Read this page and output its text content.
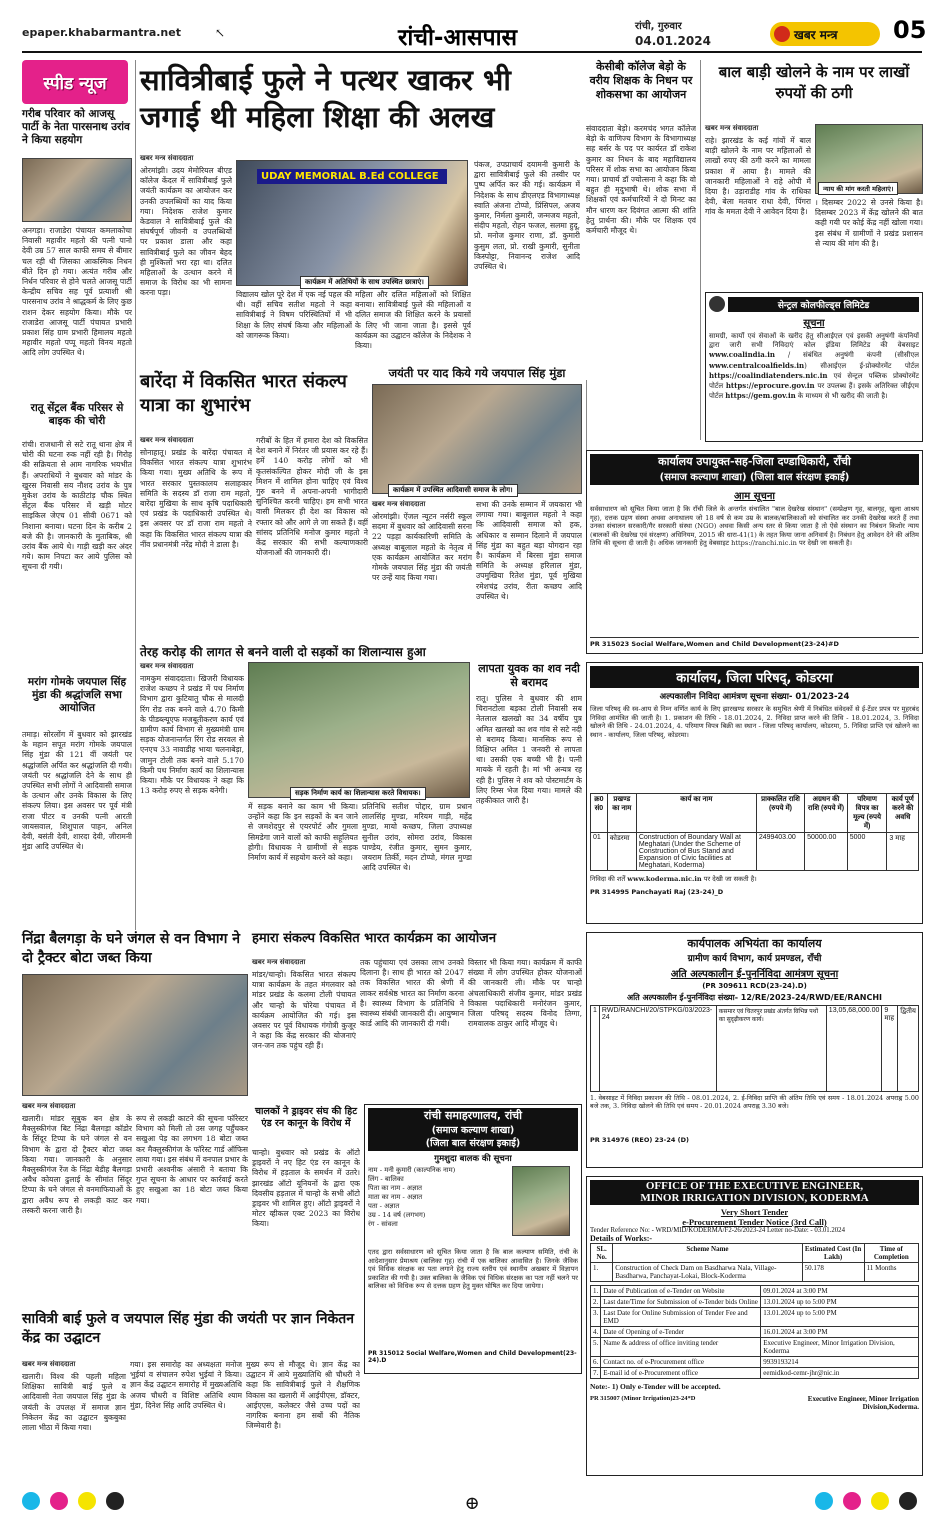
epaper.khabarmantra.net	↖	रांची-आसपास	रांची, गुरुवार
04.01.2024	खबर मन्त्र 05
स्पीड न्यूज
गरीब परिवार को आजसू पार्टी के नेता पारसनाथ उरांव ने किया सहयोग
अनगड़ा। राजाडेरा पंचायत कमलाकोचा निवासी महावीर महतो की पत्नी पानो देवी उम्र 57 साल काफी समय से बीमार चल रही थी जिसका आकस्मिक निधन बीते दिन हो गया। अत्यंत गरीब और निर्धन परिवार से होने चलते आजसू पार्टी केन्द्रीय सचिव सह पूर्व प्रत्याशी श्री पारसनाथ उरांव ने श्राद्धकर्म के लिए कुछ राशन देकर सहयोग किया। मौके पर राजाडेरा आजसू पार्टी पंचायत प्रभारी प्रकाश सिंह ग्राम प्रभारी हिमालय महतो महावीर महतो पप्पू महतो विनय महतो आदि लोग उपस्थित थे।
रातू सेंट्रल बैंक परिसर से बाइक की चोरी
रांची। राजधानी से सटे रातू थाना क्षेत्र में चोरी की घटना रुक नहीं रही है। गिरोह की सक्रियता से आम नागरिक भयभीत हैं। अपराधियों ने बुधवार को मांडर के खुरस निवासी सय नौशद उरांव के पुत्र मुकेश उरांव के काठीटांड़ चौक स्थित सेंट्रल बैंक परिसर में खड़ी मोटर साइकिल जेएच 01 सीवी 0671 को निशाना बनाया। घटना दिन के करीब 2 बजे की है। जानकारी के मुताबिक, श्री उरांव बैंक आये थे। गाड़ी खड़ी कर अंदर गये। काम निपटा कर आये पुलिस को सूचना दी गयी।
मरांग गोमके जयपाल सिंह मुंडा की श्रद्धांजलि सभा आयोजित
तमाड़। सोरलोंग में बुधवार को झारखंड के महान सपूत मरांग गोमके जयपाल सिंह मुंडा की 121 वीं जयंती पर श्रद्धांजलि अर्पित कर श्रद्धांजलि दी गयी। जयंती पर श्रद्धांजलि देने के साथ ही उपस्थित सभी लोगों ने आदिवासी समाज के उत्थान और उनके विकास के लिए संकल्प लिया। इस अवसर पर पूर्व मंत्री राजा पीटर व उनकी पत्नी आरती जायसवाल, शिशुपाल पाहन, अनिल देवी, बसंती देवी, शारदा देवी, जीरामनी मुंडा आदि उपस्थित थे।
सावित्रीबाई फुले ने पत्थर खाकर भी जगाई थी महिला शिक्षा की अलख
खबर मन्त्र संवाददाता
ओरमांझी। उदय मेमोरियल बीएड कॉलेज केंदल में सावित्रीबाई फुले जयंती कार्यक्रम का आयोजन कर उनकी उपलब्धियों का याद किया गया। निदेशक राजेश कुमार केडवाल ने सावित्रीबाई फुले की संघर्षपूर्ण जीवनी व उपलब्धियों पर प्रकाश डाला और कहा सावित्रीबाई फुले का जीवन बेहद ही मुश्किलों भरा रहा था। दलित महिलाओं के उत्थान करने में समाज के विरोध का भी सामना करना पड़ा।
UDAY MEMORIAL B.Ed COLLEGE
कार्यक्रम में अतिथियों के साथ उपस्थित छात्राएं।
विद्यालय खोल पूरे देश में एक नई पहल की थी। वहीं सचिव सतीश महतो ने कहा सावित्रीबाई ने विषम परिस्थितियों में भी शिक्षा के लिए संघर्ष किया और महिलाओं को जागरूक किया।
महिला और दलित महिलाओं को शिक्षित बनाया। सावित्रीबाई फुले की महिलाओं व दलित समाज की शिक्षित करने के प्रयासों के लिए भी जाना जाता है। इससे पूर्व कार्यक्रम का उद्घाटन कॉलेज के निदेशक ने किया।
पंकज, उपप्राचार्य दयामनी कुमारी के द्वारा सावित्रीबाई फुले की तस्वीर पर पुष्प अर्पित कर की गई। कार्यक्रम में निदेशक के साथ डीएलएड विभागाध्यक्ष स्वाति अंजना टोप्पो, प्रिंसिपल, अजय कुमार, निर्मला कुमारी, जन्मजय महतो, संदीप महतो, रोहन फजल, सलमा हुदू, प्रो. मनोज कुमार राणा, डॉ. कुमारी कुसुम लता, प्रो. राखी कुमारी, सुनीता किस्पोट्टा, निवानन्द राजेश आदि उपस्थित थे।
केसीबी कॉलेज बेड़ो के वरीय शिक्षक के निधन पर शोकसभा का आयोजन
संवाददाता बेड़ो। करमचंद भगत कॉलेज बेड़ो के वाणिज्य विभाग के विभागाध्यक्ष सह बर्सर के पद पर कार्यरत डॉ राकेश कुमार का निधन के बाद महाविद्यालय परिसर में शोक सभा का आयोजन किया गया। प्राचार्य डॉ ज्योत्सना ने कहा कि वो बहुत ही मृदुभाषी थे। शोक सभा में शिक्षकों एवं कर्मचारियों ने दो मिनट का मौन धारण कर दिवंगत आत्मा की शांति हेतु प्रार्थना की। मौके पर शिक्षक एवं कर्मचारी मौजूद थे।
बाल बाड़ी खोलने के नाम पर लाखों रुपयों की ठगी
खबर मन्त्र संवाददाता
राहे। झारखंड के कई गांवों में बाल बाड़ी खोलने के नाम पर महिलाओं से लाखों रुपए की ठगी करने का मामला प्रकाश में आया है। मामले की जानकारी महिलाओं ने राहे ओपी में दिया है। उड़ाराडीह गांव के राधिका देवी, बेला मतवार राधा देवी, पिंगरा गांव के ममता देवी ने आवेदन दिया है।
न्याय की मांग करती महिलाएं।
। दिसम्बर 2022 से उनसे किया है। दिसम्बर 2023 में केंद्र खोलने की बात कही गयी पर कोई केंद्र नहीं खोला गया। इस संबंध में ग्रामीणों ने प्रखंड प्रशासन से न्याय की मांग की है।
सेन्ट्रल कोलफील्ड्स लिमिटेड
सूचना
सामग्री, कार्यों एवं सेवाओं के खरीद हेतु सीआईएल एवं इसकी अनुषंगी कंपनियों द्वारा जारी सभी निविदाएं कोल इंडिया लिमिटेड की वेबसाइट www.coalindia.in / संबंधित अनुषंगी कंपनी (सीसीएल www.centralcoalfields.in) सीआईएल ई-प्रोक्योरमेंट पोर्टल https://coalindiatenders.nic.in एवं सेन्ट्रल पब्लिक प्रोक्योरमेंट पोर्टल https://eprocure.gov.in पर उपलब्ध हैं। इसके अतिरिक्त जीईएम पोर्टल https://gem.gov.in के माध्यम से भी खरीद की जाती है।
बारेंदा में विकसित भारत संकल्प यात्रा का शुभारंभ
खबर मन्त्र संवाददाता
सोनाहातू। प्रखंड के बारेंदा पंचायत में विकसित भारत संकल्प यात्रा शुभारंभ किया गया। मुख्य अतिथि के रूप में भारत सरकार पुस्तकालय सलाहकार समिति के सदस्य डॉ राजा राम महतो, बारेंदा मुखिया के साथ कृषि पदाधिकारी एवं प्रखंड के पदाधिकारी उपस्थित थे। इस अवसर पर डॉ राजा राम महतो ने कहा कि विकसित भारत संकल्प यात्रा की नींव प्रधानमंत्री नरेंद्र मोदी ने डाला है।
गरीबों के हित में हमारा देश को विकसित देश बनाने में निरंतर जी प्रयास कर रहे हैं। हमें 140 करोड़ लोगों को भी कृतसंकल्पित होकर मोदी जी के इस मिशन में शामिल होना चाहिए एवं विश्व गुरु बनने में अपना-अपनी भागीदारी सुनिश्चित करनी चाहिए। हम सभी भारत वासी मिलकर ही देश का विकास को रफ्तार को और आगे ले जा सकते हैं। वहीं सांसद प्रतिनिधि मनोज कुमार महतो ने केंद्र सरकार की सभी कल्याणकारी योजनाओं की जानकारी दी।
जयंती पर याद किये गये जयपाल सिंह मुंडा
कार्यक्रम में उपस्थित आदिवासी समाज के लोग।
खबर मन्त्र संवाददाता
ओरमांझी। ऐंजल न्यूटन नर्सरी स्कूल सदमा में बुधवार को आदिवासी सरना 22 पड़हा कार्यकारिणी समिति के अध्यक्ष बाबूलाल महतो के नेतृत्व में एक कार्यक्रम आयोजित कर मरांग गोमके जयपाल सिंह मुंडा की जयंती पर उन्हें याद किया गया।
सभा की उनके सम्मान में जयकारा भी लगाया गया। बाबूलाल महतो ने कहा कि आदिवासी समाज को हक, अधिकार व सम्मान दिलाने में जयपाल सिंह मुंडा का बहुत बड़ा योगदान रहा है। कार्यक्रम में बिरसा मुंडा समाज समिति के अध्यक्ष हरिलाल मुंडा, उपमुखिया रितेश मुंडा, पूर्व मुखिया रमेशचंद्र उरांव, रीता कच्छप आदि उपस्थित थे।
कार्यालय उपायुक्त-सह-जिला दण्डाधिकारी, राँची
(समाज कल्याण शाखा) (जिला बाल संरक्षण इकाई)
आम सूचना
सर्वसाधारण को सूचित किया जाता है कि राँची जिले के अन्तर्गत संचालित "बाल देखरेख संस्थान" (सम्प्रेक्षण गृह, बालगृह, खुला आश्रय गृह), दत्तक ग्रहण संस्था अथवा अनाथालय जो 18 वर्ष से कम उम्र के बालक/बालिकाओं को संचालित कर उनकी देखरेख करते हैं तथा उनका संचालन सरकारी/गैर सरकारी संस्था (NGO) अथवा किसी अन्य स्तर से किया जाता है तो ऐसे संस्थान का निबंधन किशोर न्याय (बालकों की देखरेख एवं संरक्षण) अधिनियम, 2015 की धारा-41(1) के तहत किया जाना अनिवार्य है। निबंधन हेतु आवेदन देने की अंतिम तिथि की सूचना दी जाती है। अधिक जानकारी हेतु वेबसाइट https://ranchi.nic.in पर देखी जा सकती है।
PR 315023 Social Welfare,Women and Child Development(23-24)#D
तेरह करोड़ की लागत से बनने वाली दो सड़कों का शिलान्यास हुआ
खबर मन्त्र संवाददाता
नामकुम संवाददाता। खिजरी विधायक राजेश कच्छप ने प्रखंड में पथ निर्माण विभाग द्वारा कुटियातु चौक से मालदी रिंग रोड तक बनने वाले 4.70 किमी के पीडब्ल्यूएफ मजबूतीकरण कार्य एवं ग्रामीण कार्य विभाग से मुख्यमंत्री ग्राम सड़क योजनान्तर्गत रिंग रोड सरवल से एनएच 33 नावाडीह भाया चलनाबेड़ा, जामुन टोली तक बनने वाले 5.170 किमी पथ निर्माण कार्य का शिलान्यास किया। मौके पर विधायक ने कहा कि 13 करोड़ रुपए से सड़क बनेगी।	सड़क निर्माण कार्य का शिलान्यास करते विधायक।
में सड़क बनाने का काम भी किया। उन्होंने कहा कि इन सड़कों के बन जाने से जमशेदपुर से एयरपोर्ट और गुमला सिमडेगा जाने वालों को काफी सहूलियत होगी। विधायक ने ग्रामीणों से सड़क निर्माण कार्य में सहयोग करने को कहा।
प्रतिनिधि सतीश पोद्दार, ग्राम प्रधान लालसिंह मुण्डा, मरियम गाड़ी, महेंद्र मुण्डा, मायो कच्छप, जिला उपाध्यक्ष सुनील उरांव, सोमरा उरांव, विकास पाण्डेय, रंजीत कुमार, सुमन कुमार, जयराम तिर्की, मदन टोप्पो, मंगल मुण्डा आदि उपस्थित थे।
लापता युवक का शव नदी से बरामद
रातू। पुलिस ने बुधवार की शाम चिरानटोला बड़का टोली निवासी सब नेतलाल खलखो का 34 वर्षीय पुत्र अमित खलखो का शव गांव से सटे नदी से बरामद किया। मानसिक रूप से विक्षिप्त अमित 1 जनवरी से लापता था। उसकी एक बच्ची भी है। पत्नी मायके में रहती है। मां भी अन्यत्र रह रही है। पुलिस ने शव को पोस्टमार्टम के लिए रिम्स भेज दिया गया। मामले की तहकीकात जारी है।
कार्यालय, जिला परिषद्, कोडरमा
अल्पकालीन निविदा आमंत्रण सूचना संख्या- 01/2023-24
जिला परिषद् की स्व-आय से निम्न वर्णित कार्य के लिए झारखण्ड सरकार के समुचित श्रेणी में निबंधित संवेदकों से ई-टेंडर प्रपत्र पर मुहरबंद निविदा आमंत्रित की जाती है। 1. प्रकाशन की तिथि - 18.01.2024, 2. निविदा प्राप्त करने की तिथि - 18.01.2024, 3. निविदा खोलने की तिथि - 24.01.2024, 4. परिमाण विपत्र बिक्री का स्थान - जिला परिषद् कार्यालय, कोडरमा, 5. निविदा प्राप्ति एवं खोलने का स्थान - कार्यालय, जिला परिषद्, कोडरमा।
क्र0 सं0	प्रखण्ड का नाम	कार्य का नाम	प्राक्कलित राशि (रुपये में)	अग्रधन की राशि (रुपये में)	परिमाण विपत्र का मूल्य (रुपये में)	कार्य पूर्ण करने की अवधि
01	कोडरमा	Construction of Boundary Wall at Meghatari (Under the Scheme of Construction of Bus Stand and Expansion of Civic facilities at Meghatari, Koderma)	2499403.00	50000.00	5000	3 माह
निविदा की शर्तें www.koderma.nic.in पर देखी जा सकती है।
PR 314995 Panchayati Raj (23-24)_D
निंद्रा बैलगड़ा के घने जंगल से वन विभाग ने दो ट्रैक्टर बोटा जब्त किया
खबर मन्त्र संवाददाता
खलारी। मांडर सूबुक बन क्षेत्र के मैक्लुस्कीगंज बिट निंद्रा बैलगड़ा कॉडोर के सिंदूर टिप्पा के घने जंगल से वन विभाग के द्वारा दो ट्रैक्टर बोटा जब्त किया गया। जानकारी के अनुसार मैक्लुस्कीगंज रेंज के निंद्रा बेडीह बैलगड़ा अवैध कोयला ढुलाई के सीमांत सिंदूर टिप्पा के घने जंगल से वनमाफियाओं के द्वारा अवैध रूप से लकड़ी काट कर तस्करी करना जारी है।
रूप से लकड़ी काटने की सूचना फॉरेस्टर विभाग को मिली तो उस जगह पहुँचकर सखुआ पेड़ का लगभग 18 बोटा जब्त कर मैक्लुस्कीगंज के फॉरेस्ट गार्ड ऑफिस लाया गया। इस संबंध में वनपाल प्रभार के प्रभारी अश्वनीक अंसारी ने बताया कि गुप्त सूचना के आधार पर कार्रवाई करते हुए सखुआ का 18 बोटा जब्त किया गया।
हमारा संकल्प विकसित भारत कार्यक्रम का आयोजन
खबर मन्त्र संवाददाता
मांडर/चान्हो। विकसित भारत संकल्प यात्रा कार्यक्रम के तहत मंगलवार को मांडर प्रखंड के कलमा टोली पंचायत और चान्हो के चोरेया पंचायत में कार्यक्रम आयोजित की गई। इस अवसर पर पूर्व विधायक गंगोत्री कुजूर ने कहा कि केंद्र सरकार की योजनाएं जन-जन तक पहुंच रही हैं।
तक पहुंचाया एवं उसका लाभ उनको दिलाना है। साथ ही भारत को 2047 तक विकसित भारत की श्रेणी में लाकर सर्वश्रेष्ठ भारत का निर्माण करना है। स्वास्थ्य विभाग के प्रतिनिधि ने स्वास्थ्य संबंधी जानकारी दी। आयुष्मान कार्ड आदि की जानकारी दी गयी।
विस्तार भी किया गया। कार्यक्रम में काफी संख्या में लोग उपस्थित होकर योजनाओं की जानकारी ली। मौके पर चान्हो अंचलाधिकारी संजीव कुमार, मांडर प्रखंड विकास पदाधिकारी मनोरंजन कुमार, जिला परिषद् सदस्य विनोद तिग्गा, रामवालक ठाकुर आदि मौजूद थे।
चालकों ने ड्राइवर संघ की हिट एंड रन कानून के विरोध में
चान्हो। बुधवार को प्रखंड के ऑटो ड्राइवरों ने नए हिट एंड रन कानून के विरोध में हड़ताल के समर्थन में उतरे। झारखंड ऑटो यूनियनों के द्वारा एक दिवसीय हड़ताल में चान्हो के सभी ऑटो ड्राइवर भी शामिल हुए। ऑटो ड्राइवरों ने मोटर व्हीकल एक्ट 2023 का विरोध किया।
रांची समाहरणालय, रांची
(समाज कल्याण शाखा)
(जिला बाल संरक्षण इकाई)
गुमशुदा बालक की सूचना
नाम - मनी कुमारी (काल्पनिक नाम)
लिंग - बालिका
पिता का नाम - अज्ञात
माता का नाम - अज्ञात
पता - अज्ञात
उम्र - 14 वर्ष (लगभग)
रंग - सांवला
एतद द्वारा सर्वसाधारण को सूचित किया जाता है कि बाल कल्याण समिति, रांची के आदेशानुसार प्रेमाश्रय (बालिका गृह) रांची में एक बालिका आवासित है। जिनके जैविक एवं विधिक संरक्षक का पता लगाने हेतु राज्य स्तरीय एवं स्थानीय अखबार में विज्ञापन प्रकाशित की गयी है। उक्त बालिका के जैविक एवं विधिक संरक्षक का पता नहीं चलने पर बालिका को विधिक रूप से दत्तक ग्रहण हेतु मुक्त घोषित कर दिया जायेगा।
PR 315012 Social Welfare,Women and Child Development(23-24).D
कार्यपालक अभियंता का कार्यालय
ग्रामीण कार्य विभाग, कार्य प्रमण्डल, राँची
अति अल्पकालीन ई-पुनर्निविदा आमंत्रण सूचना
(PR 309611 RCD(23-24).D)
अति अल्पकालीन ई-पुनर्निविदा संख्या- 12/RE/2023-24/RWD/EE/RANCHI
1	RWD/RANCHI/20/STPKG/03/2023-24	कसमार एवं चितरपुर प्रखंड अंतर्गत विभिन्न पथों का सुदृढ़ीकरण कार्य।	13,05,68,000.00	9 माह	द्वितीय
1. वेबसाइट में निविदा प्रकाशन की तिथि - 08.01.2024, 2. ई-निविदा प्राप्ति की अंतिम तिथि एवं समय - 18.01.2024 अपराह्न 5.00 बजे तक, 3. निविदा खोलने की तिथि एवं समय - 20.01.2024 अपराह्न 3.30 बजे।
PR 314976 (REO) 23-24 (D)
OFFICE OF THE EXECUTIVE ENGINEER,
MINOR IRRIGATION DIVISION, KODERMA
Very Short Tender
e-Procurement Tender Notice (3rd Call)
Tender Reference No: - WRD/MID/KODERMA/F2-26/2023-24 Letter no-Date: - 03.01.2024
Details of Works:-
SL. No.	Scheme Name	Estimated Cost (In Lakh)	Time of Completion
1.	Construction of Check Dam on Basdharwa Nala, Village-Basdharwa, Panchayat-Lokai, Block-Koderma	50.178	11 Months
1.	Date of Publication of e-Tender on Website	09.01.2024 at 3:00 PM
2.	Last date/Time for Submission of e-Tender bids Online	13.01.2024 up to 5:00 PM
3.	Last Date for Online Submission of Tender Fee and EMD	13.01.2024 up to 5:00 PM
4.	Date of Opening of e-Tender	16.01.2024 at 3:00 PM
5.	Name & address of office inviting tender	Executive Engineer, Minor Irrigation Division, Koderma
6.	Contact no. of e-Procurement office	9939193214
7.	E-mail id of e-Procurement office	eemidkod-cemr-jhr@nic.in
Note:- 1) Only e-Tender will be accepted.
PR 315007 (Minor Irrigation)23-24*D	Executive Engineer, Minor Irrigation Division,Koderma.
सावित्री बाई फुले व जयपाल सिंह मुंडा की जयंती पर ज्ञान निकेतन केंद्र का उद्घाटन
खबर मन्त्र संवाददाता
खलारी। विश्व की पहली महिला शिक्षिका सावित्री बाई फुले व आदिवासी नेता जयपाल सिंह मुंडा के जयंती के उपलक्ष में समाज ज्ञान निकेतन केंद्र का उद्घाटन बुकबुका लाला भीठा में किया गया।
गया। इस समारोह का अध्यक्षता मनोज भुईयां व संचालन रुपेश भुईयां ने किया। ज्ञान केंद्र उद्घाटन समारोह में मुख्यअतिथि अजय चौधरी व विशिष्ट अतिथि श्याम मुंडा, दिनेश सिंह आदि उपस्थित थे।
मुख्य रूप से मौजूद थे। ज्ञान केंद्र का उद्घाटन में आये मुख्यातिथि श्री चौधरी ने कहा कि सावित्रीबाई फुले ने शैक्षणिक विकास का खलारी में आईपीएस, डॉक्टर, आईएएस, कलेक्टर जैसे उच्च पदों का नागरिक बनाना हम सबों की नैतिक जिम्मेवारी है।

⊕
